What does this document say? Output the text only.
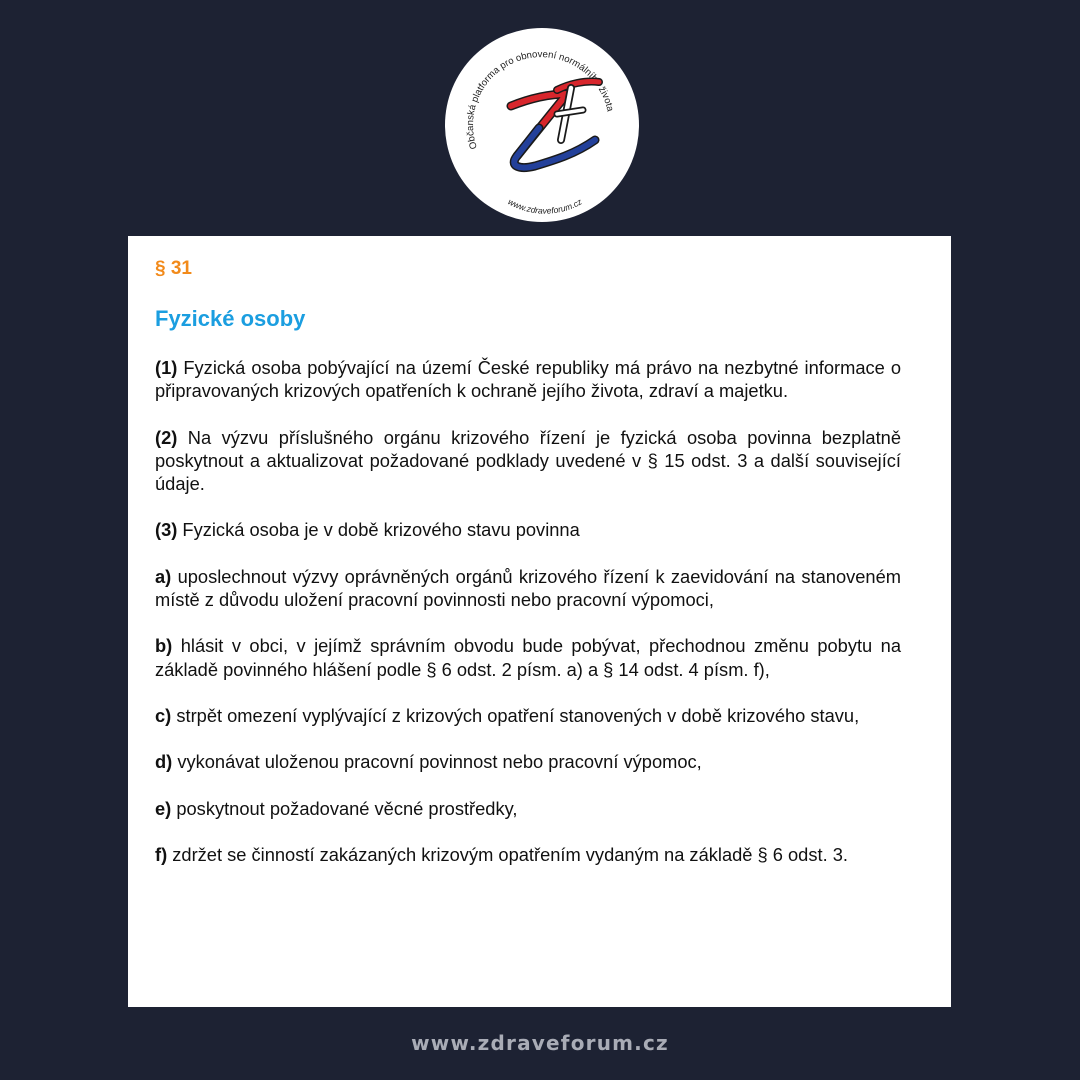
Občanská platforma pro obnovení normálního života
www.zdraveforum.cz

§ 31

Fyzické osoby

(1) Fyzická osoba pobývající na území České republiky má právo na nezbytné informace o připravovaných krizových opatřeních k ochraně jejího života, zdraví a majetku.

(2) Na výzvu příslušného orgánu krizového řízení je fyzická osoba povinna bezplatně poskytnout a aktualizovat požadované podklady uvedené v § 15 odst. 3 a další související údaje.

(3) Fyzická osoba je v době krizového stavu povinna

a) uposlechnout výzvy oprávněných orgánů krizového řízení k zaevidování na stanoveném místě z důvodu uložení pracovní povinnosti nebo pracovní výpomoci,

b) hlásit v obci, v jejímž správním obvodu bude pobývat, přechodnou změnu pobytu na základě povinného hlášení podle § 6 odst. 2 písm. a) a § 14 odst. 4 písm. f),

c) strpět omezení vyplývající z krizových opatření stanovených v době krizového stavu,

d) vykonávat uloženou pracovní povinnost nebo pracovní výpomoc,

e) poskytnout požadované věcné prostředky,

f) zdržet se činností zakázaných krizovým opatřením vydaným na základě § 6 odst. 3.

www.zdraveforum.cz
